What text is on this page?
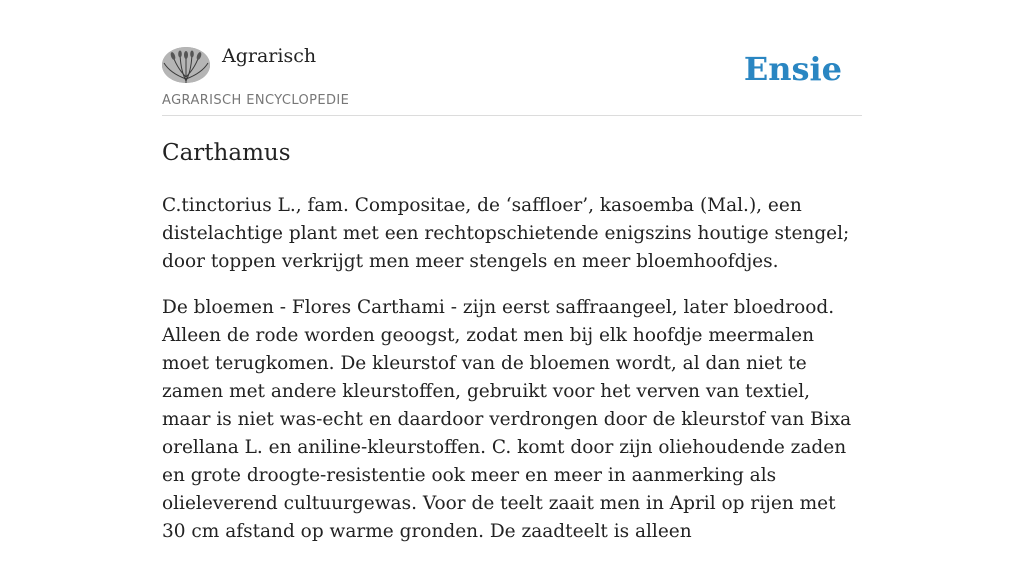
Agrarisch
AGRARISCH ENCYCLOPEDIE
Ensie
Carthamus

C.tinctorius L., fam. Compositae, de ‘saffloer’, kasoemba (Mal.), een distelachtige plant met een rechtopschietende enigszins houtige stengel; door toppen verkrijgt men meer stengels en meer bloemhoofdjes.

De bloemen - Flores Carthami - zijn eerst saffraangeel, later bloedrood. Alleen de rode worden geoogst, zodat men bij elk hoofdje meermalen moet terugkomen. De kleurstof van de bloemen wordt, al dan niet te zamen met andere kleurstoffen, gebruikt voor het verven van textiel, maar is niet was-echt en daardoor verdrongen door de kleurstof van Bixa orellana L. en aniline-kleurstoffen. C. komt door zijn oliehoudende zaden en grote droogte-resistentie ook meer en meer in aanmerking als olieleverend cultuurgewas. Voor de teelt zaait men in April op rijen met 30 cm afstand op warme gronden. De zaadteelt is alleen
